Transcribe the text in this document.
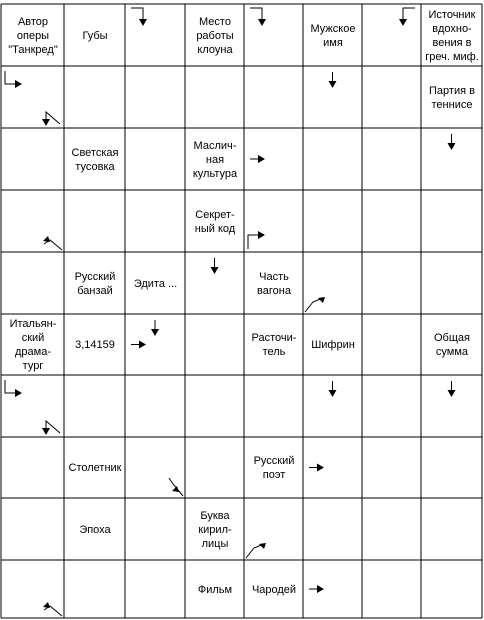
Автор
оперы
"Танкред"
Губы
Место
работы
клоуна
Мужское
имя
Источник
вдохно-
вения в
греч. миф.
Партия в
теннисе
Светская
тусовка
Маслич-
ная
культура
Секрет-
ный код
Русский
банзай
Эдита ...
Часть
вагона
Итальян-
ский
драма-
тург
3,14159
Расточи-
тель
Шифрин
Общая
сумма
Столетник
Русский
поэт
Эпоха
Буква
кирил-
лицы
Фильм Чародей
